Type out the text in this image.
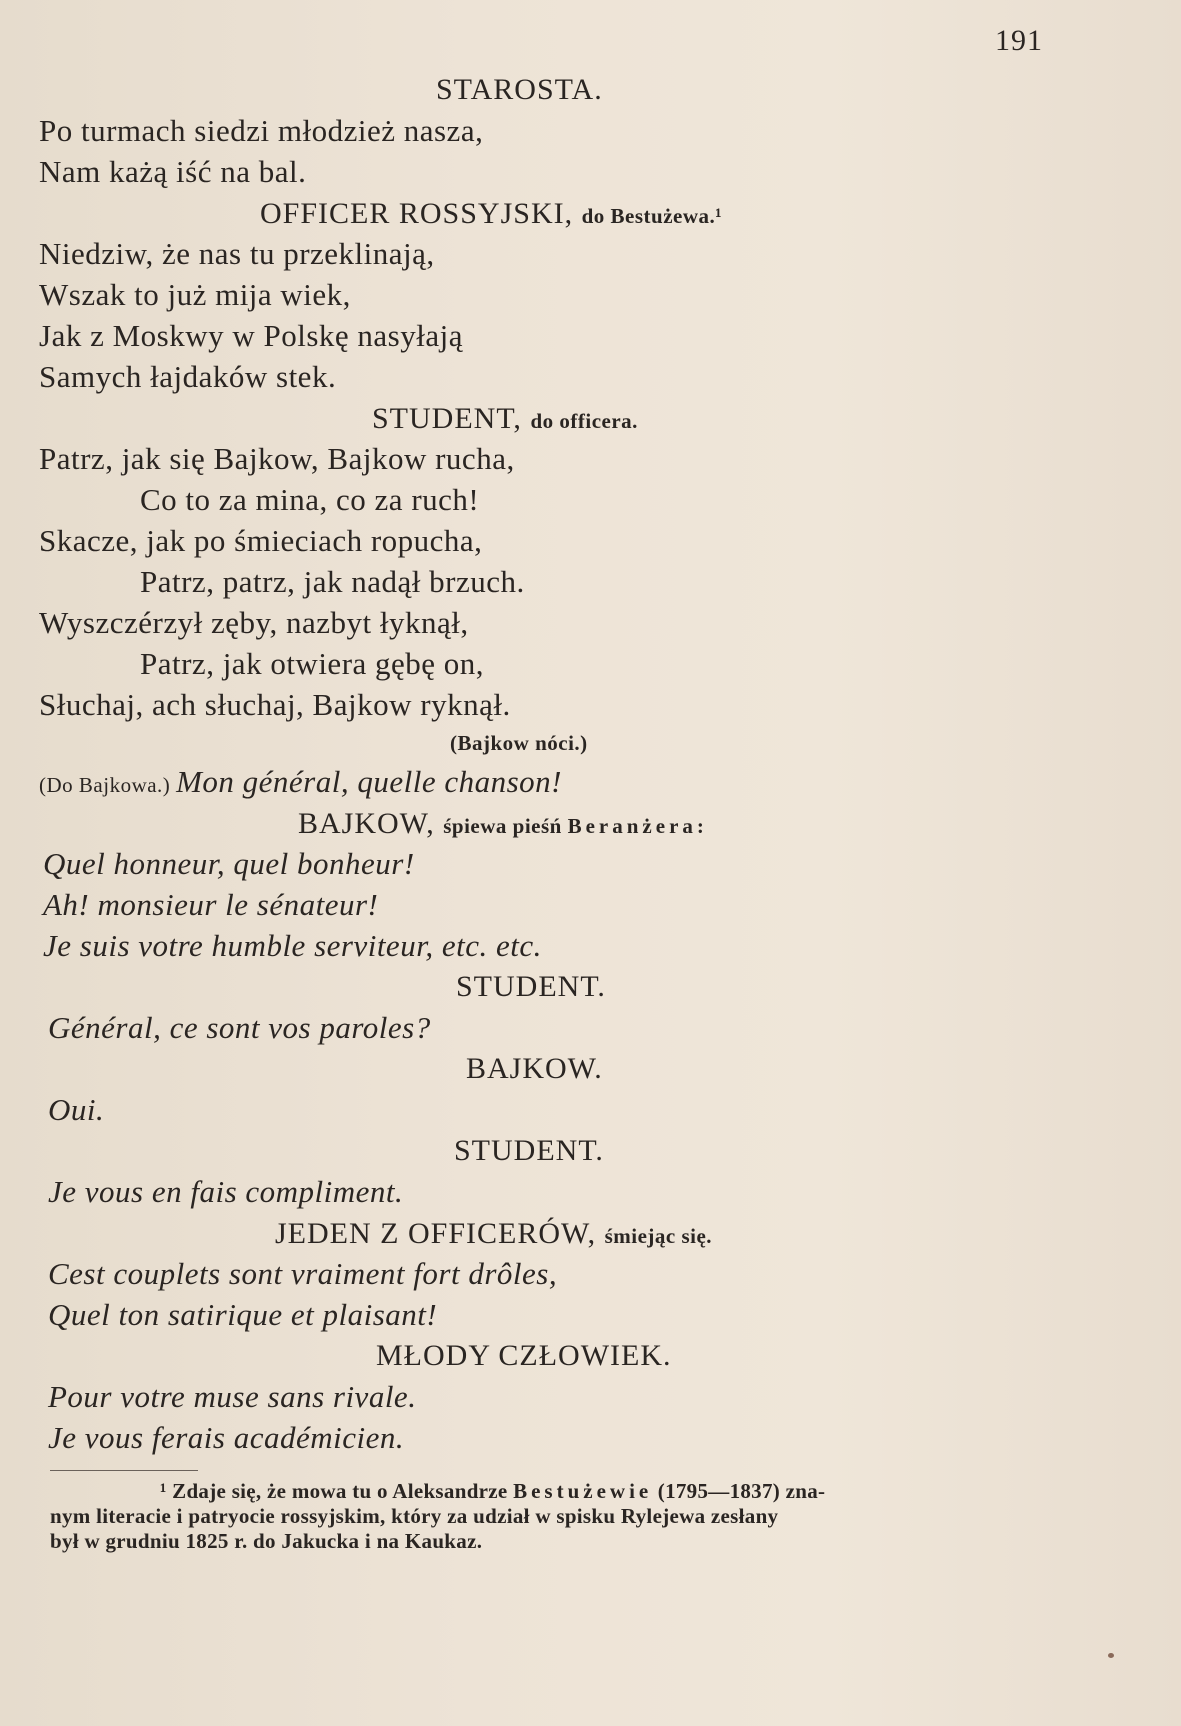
191
STAROSTA.
Po turmach siedzi młodzież nasza,
Nam każą iść na bal.
OFFICER ROSSYJSKI, do Bestużewa.¹
Niedziw, że nas tu przeklinają,
Wszak to już mija wiek,
Jak z Moskwy w Polskę nasyłają
Samych łajdaków stek.
STUDENT, do officera.
Patrz, jak się Bajkow, Bajkow rucha,
Co to za mina, co za ruch!
Skacze, jak po śmieciach ropucha,
Patrz, patrz, jak nadął brzuch.
Wyszczérzył zęby, nazbyt łyknął,
Patrz, jak otwiera gębę on,
Słuchaj, ach słuchaj, Bajkow ryknął.
(Bajkow nóci.)
(Do Bajkowa.) Mon général, quelle chanson!
BAJKOW, śpiewa pieśń Beranżera:
Quel honneur, quel bonheur!
Ah! monsieur le sénateur!
Je suis votre humble serviteur, etc. etc.
STUDENT.
Général, ce sont vos paroles?
BAJKOW.
Oui.
STUDENT.
Je vous en fais compliment.
JEDEN Z OFFICERÓW, śmiejąc się.
Cest couplets sont vraiment fort drôles,
Quel ton satirique et plaisant!
MŁODY CZŁOWIEK.
Pour votre muse sans rivale.
Je vous ferais académicien.
¹ Zdaje się, że mowa tu o Aleksandrze Bestużewie (1795—1837) zna-
nym literacie i patryocie rossyjskim, który za udział w spisku Rylejewa zesłany
był w grudniu 1825 r. do Jakucka i na Kaukaz.
